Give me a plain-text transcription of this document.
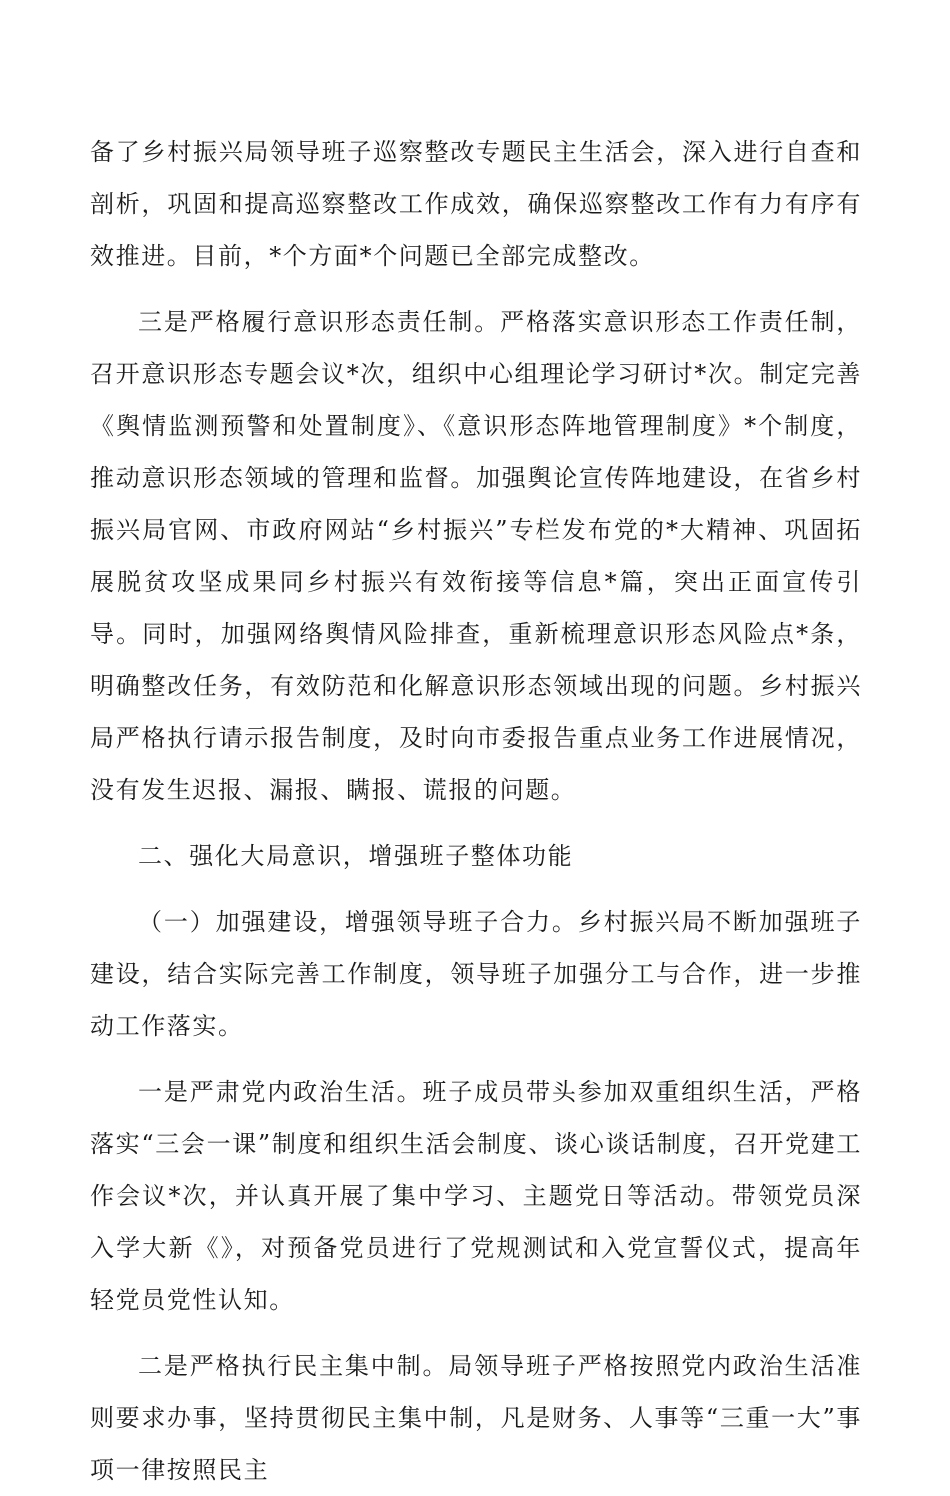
备了乡村振兴局领导班子巡察整改专题民主生活会，深入进行自查和剖析，巩固和提高巡察整改工作成效，确保巡察整改工作有力有序有效推进。目前，*个方面*个问题已全部完成整改。

三是严格履行意识形态责任制。严格落实意识形态工作责任制，召开意识形态专题会议*次，组织中心组理论学习研讨*次。制定完善《舆情监测预警和处置制度》、《意识形态阵地管理制度》*个制度，推动意识形态领域的管理和监督。加强舆论宣传阵地建设，在省乡村振兴局官网、市政府网站“乡村振兴”专栏发布党的*大精神、巩固拓展脱贫攻坚成果同乡村振兴有效衔接等信息*篇，突出正面宣传引导。同时，加强网络舆情风险排查，重新梳理意识形态风险点*条，明确整改任务，有效防范和化解意识形态领域出现的问题。乡村振兴局严格执行请示报告制度，及时向市委报告重点业务工作进展情况，没有发生迟报、漏报、瞒报、谎报的问题。

二、强化大局意识，增强班子整体功能

（一）加强建设，增强领导班子合力。乡村振兴局不断加强班子建设，结合实际完善工作制度，领导班子加强分工与合作，进一步推动工作落实。

一是严肃党内政治生活。班子成员带头参加双重组织生活，严格落实“三会一课”制度和组织生活会制度、谈心谈话制度，召开党建工作会议*次，并认真开展了集中学习、主题党日等活动。带领党员深入学大新《》，对预备党员进行了党规测试和入党宣誓仪式，提高年轻党员党性认知。

二是严格执行民主集中制。局领导班子严格按照党内政治生活准则要求办事，坚持贯彻民主集中制，凡是财务、人事等“三重一大”事项一律按照民主
